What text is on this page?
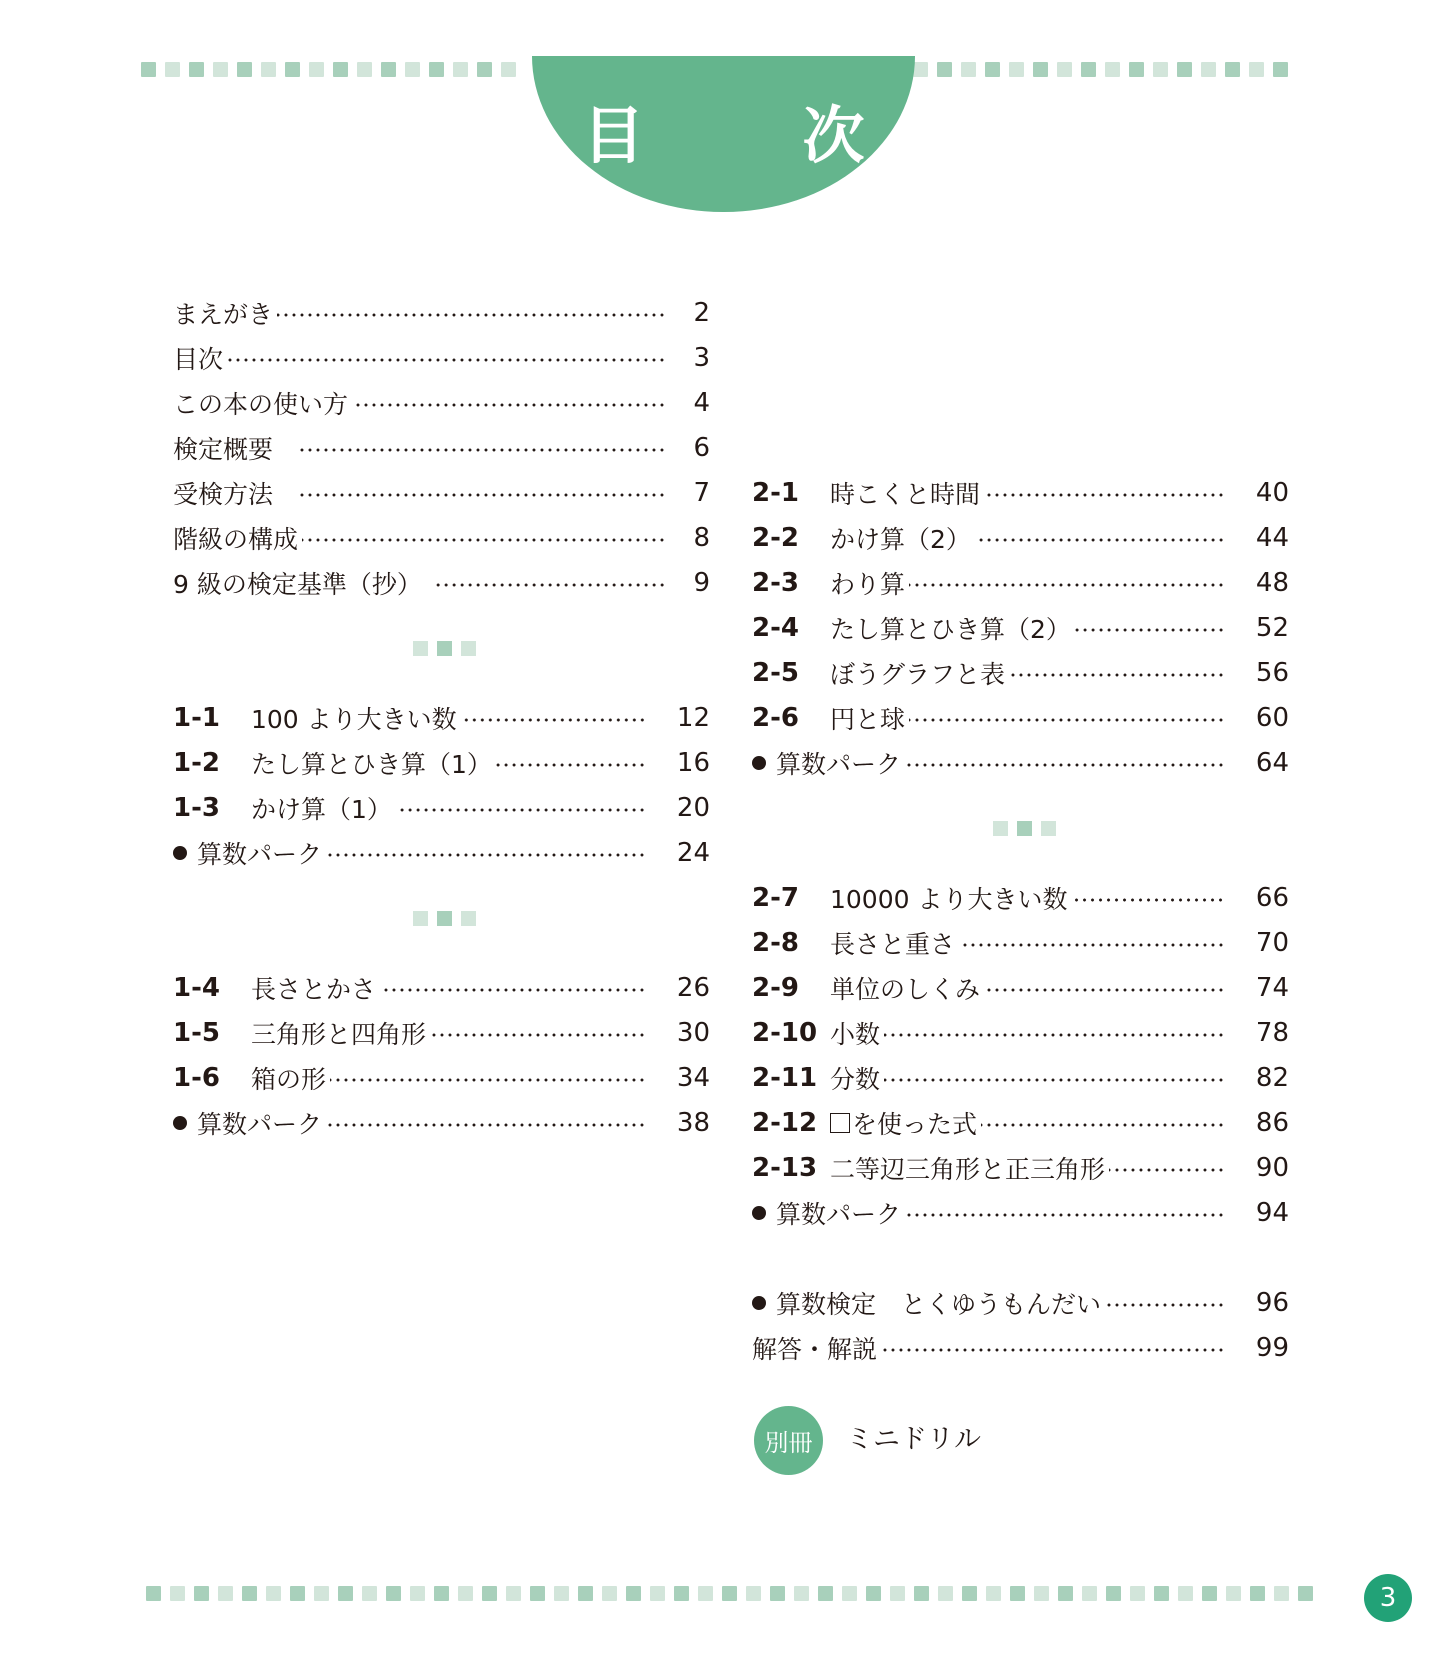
目　次
まえがき	2
目次	3
この本の使い方	4
検定概要	6
受検方法	7
階級の構成	8
9 級の検定基準（抄）	9
1-1	100 より大きい数	12
1-2	たし算とひき算（1）	16
1-3	かけ算（1）	20
算数パーク	24
1-4	長さとかさ	26
1-5	三角形と四角形	30
1-6	箱の形	34
算数パーク	38
2-1	時こくと時間	40
2-2	かけ算（2）	44
2-3	わり算	48
2-4	たし算とひき算（2）	52
2-5	ぼうグラフと表	56
2-6	円と球	60
算数パーク	64
2-7	10000 より大きい数	66
2-8	長さと重さ	70
2-9	単位のしくみ	74
2-10 小数	78
2-11 分数	82
2-12	を使った式	86
2-13 二等辺三角形と正三角形	90
算数パーク	94
算数検定　とくゆうもんだい	96
解答・解説	99
別冊	ミニドリル
3
